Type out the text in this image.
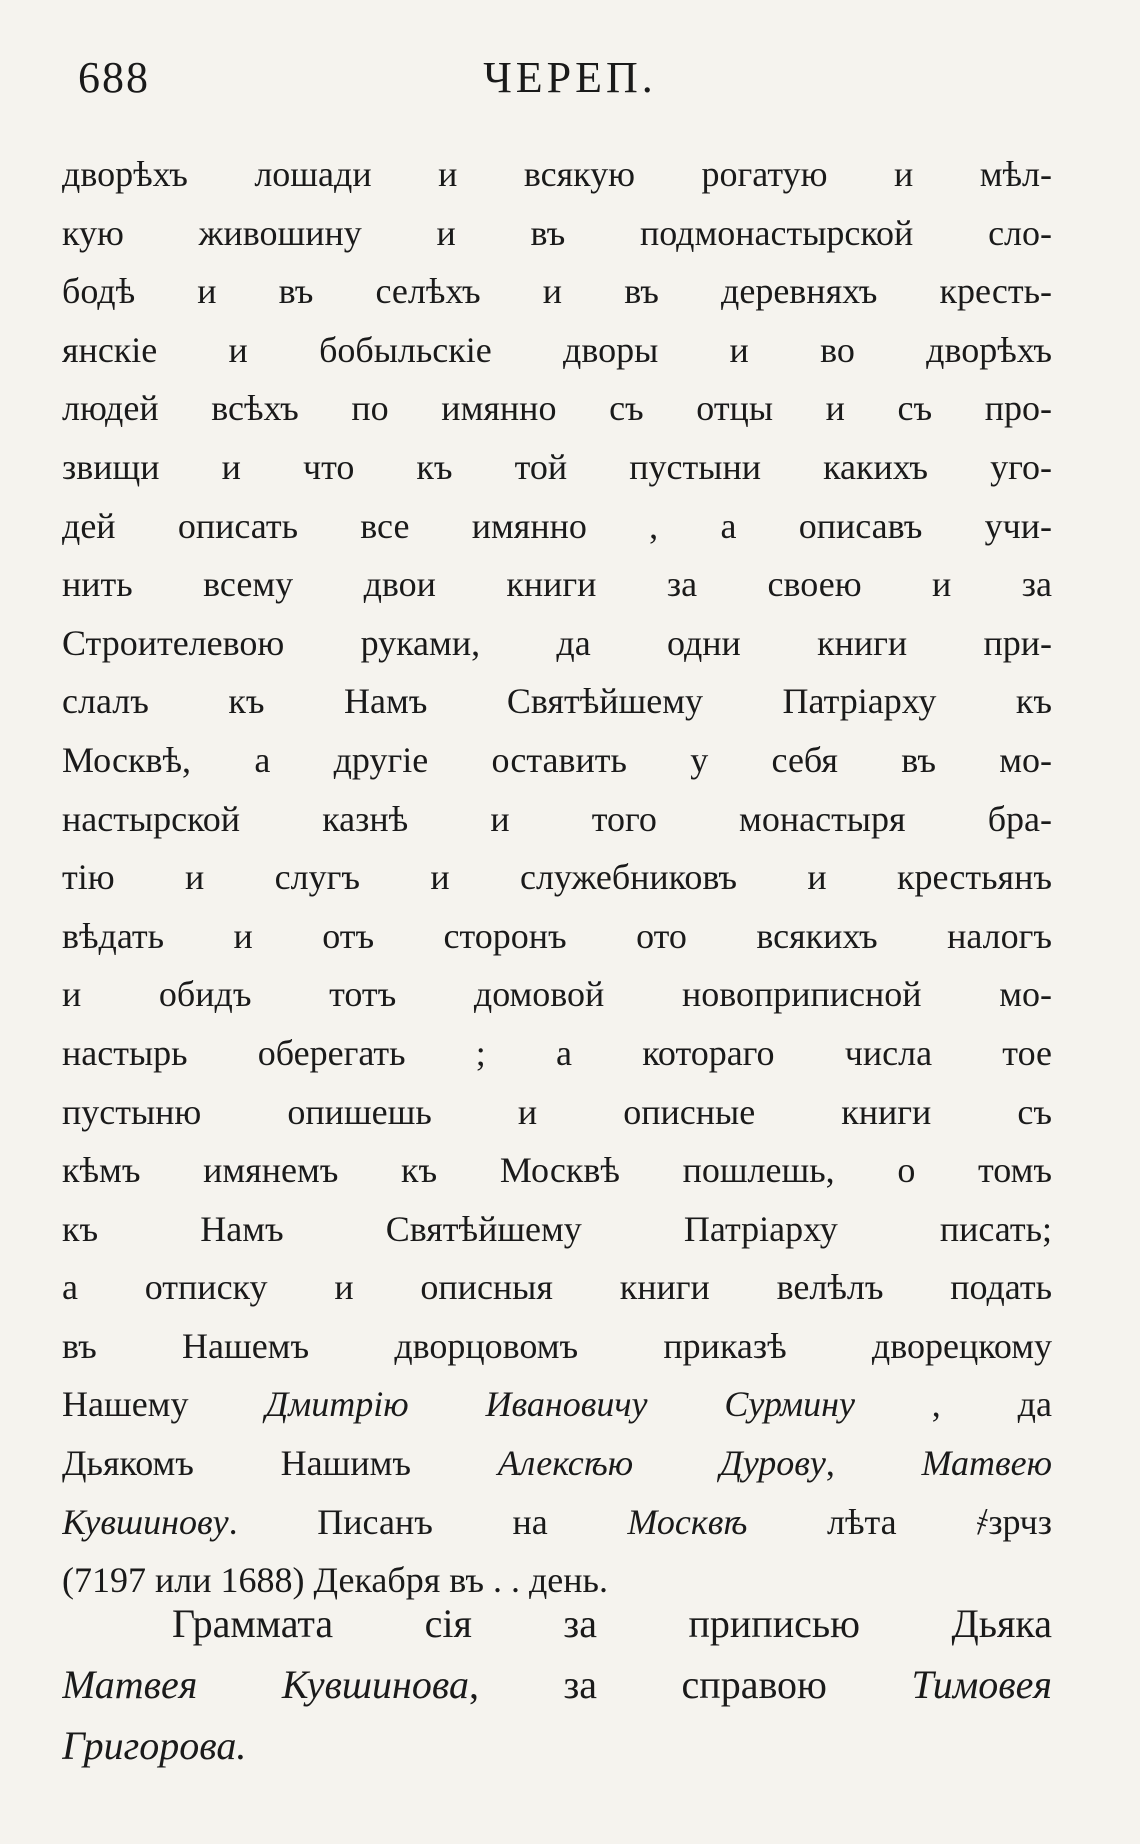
688	ЧЕРЕП.
дворѣхъ лошади и всякую рогатую и мѣл-
кую живошину и въ подмонастырской сло-
бодѣ и въ селѣхъ и въ деревняхъ кресть-
янскіе и бобыльскіе дворы и во дворѣхъ
людей всѣхъ по имянно съ отцы и съ про-
звищи и что къ той пустыни какихъ уго-
дей описать все имянно , а описавъ учи-
нить всему двои книги за своею и за
Строителевою руками, да одни книги при-
слалъ къ Намъ Святѣйшему Патріарху къ
Москвѣ, а другіе оставить у себя въ мо-
настырской казнѣ и того монастыря бра-
тію и слугъ и служебниковъ и крестьянъ
вѣдать и отъ сторонъ ото всякихъ налогъ
и обидъ тотъ домовой новоприписной мо-
настырь оберегать ; а котораго числа тое
пустыню опишешь и описные книги съ
кѣмъ имянемъ къ Москвѣ пошлешь, о томъ
къ Намъ Святѣйшему Патріарху писать;
а отписку и описныя книги велѣлъ подать
въ Нашемъ дворцовомъ приказѣ дворецкому
Нашему Дмитрію Ивановичу Сурмину , да
Дьякомъ Нашимъ Алексѣю Дурову, Матвею
Кувшинову. Писанъ на Москвѣ лѣта ҂зрчз
(7197 или 1688) Декабря въ . . день.
Граммата сія за приписью Дьяка
Матвея Кувшинова, за справою Тимовея
Григорова.
